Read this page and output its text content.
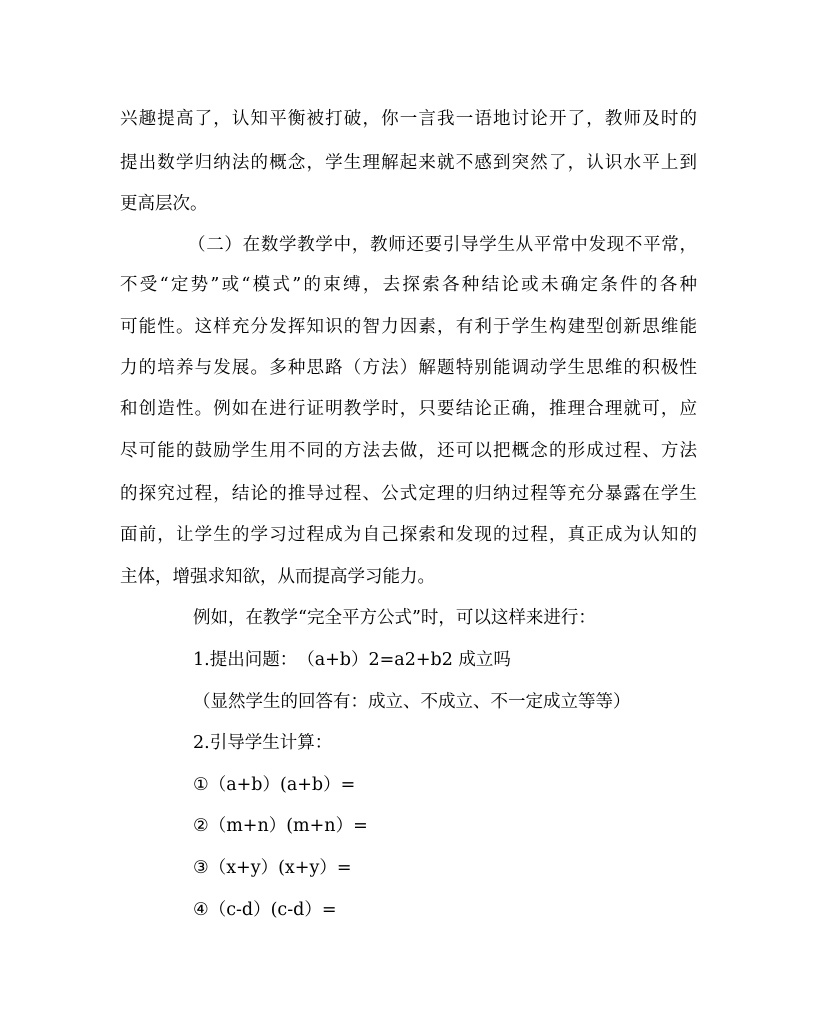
兴趣提高了，认知平衡被打破，你一言我一语地讨论开了，教师及时的

提出数学归纳法的概念，学生理解起来就不感到突然了，认识水平上到

更高层次。

（二）在数学教学中，教师还要引导学生从平常中发现不平常，

不受“定势”或“模式”的束缚，去探索各种结论或未确定条件的各种

可能性。这样充分发挥知识的智力因素，有利于学生构建型创新思维能

力的培养与发展。多种思路（方法）解题特别能调动学生思维的积极性

和创造性。例如在进行证明教学时，只要结论正确，推理合理就可，应

尽可能的鼓励学生用不同的方法去做，还可以把概念的形成过程、方法

的探究过程，结论的推导过程、公式定理的归纳过程等充分暴露在学生

面前，让学生的学习过程成为自己探索和发现的过程，真正成为认知的

主体，增强求知欲，从而提高学习能力。

例如，在教学“完全平方公式”时，可以这样来进行：

1.提出问题：　（a+b）2=a2+b2 成立吗

（显然学生的回答有：成立、不成立、不一定成立等等）

2.引导学生计算：

①（a+b）(a+b）=

②（m+n）(m+n）=

③（x+y）(x+y）=

④（c-d）(c-d）=
